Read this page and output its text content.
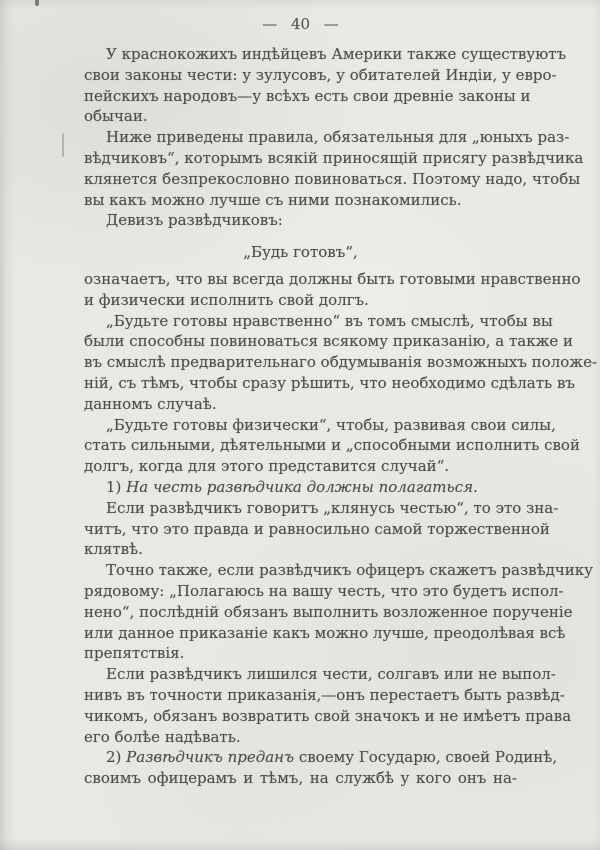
— 40 —
У краснокожихъ индѣйцевъ Америки также существуютъ
свои законы чести: у зулусовъ, у обитателей Индіи, у евро-
пейскихъ народовъ—у всѣхъ есть свои древніе законы и
обычаи.
Ниже приведены правила, обязательныя для „юныхъ раз-
вѣдчиковъ“, которымъ всякій приносящій присягу развѣдчика
клянется безпрекословно повиноваться. Поэтому надо, чтобы
вы какъ можно лучше съ ними познакомились.
Девизъ развѣдчиковъ:
„Будь готовъ“,
означаетъ, что вы всегда должны быть готовыми нравственно
и физически исполнить свой долгъ.
„Будьте готовы нравственно“ въ томъ смыслѣ, чтобы вы
были способны повиноваться всякому приказанію, а также и
въ смыслѣ предварительнаго обдумыванія возможныхъ положе-
ній, съ тѣмъ, чтобы сразу рѣшить, что необходимо сдѣлать въ
данномъ случаѣ.
„Будьте готовы физически“, чтобы, развивая свои силы,
стать сильными, дѣятельными и „способными исполнить свой
долгъ, когда для этого представится случай“.
1) На честь развѣдчика должны полагаться.
Если развѣдчикъ говоритъ „клянусь честью“, то это зна-
читъ, что это правда и равносильно самой торжественной
клятвѣ.
Точно также, если развѣдчикъ офицеръ скажетъ развѣдчику
рядовому: „Полагаюсь на вашу честь, что это будетъ испол-
нено“, послѣдній обязанъ выполнить возложенное порученіе
или данное приказаніе какъ можно лучше, преодолѣвая всѣ
препятствія.
Если развѣдчикъ лишился чести, солгавъ или не выпол-
нивъ въ точности приказанія,—онъ перестаетъ быть развѣд-
чикомъ, обязанъ возвратить свой значокъ и не имѣетъ права
его болѣе надѣвать.
2) Развѣдчикъ преданъ своему Государю, своей Родинѣ,
своимъ офицерамъ и тѣмъ, на службѣ у кого онъ на-
